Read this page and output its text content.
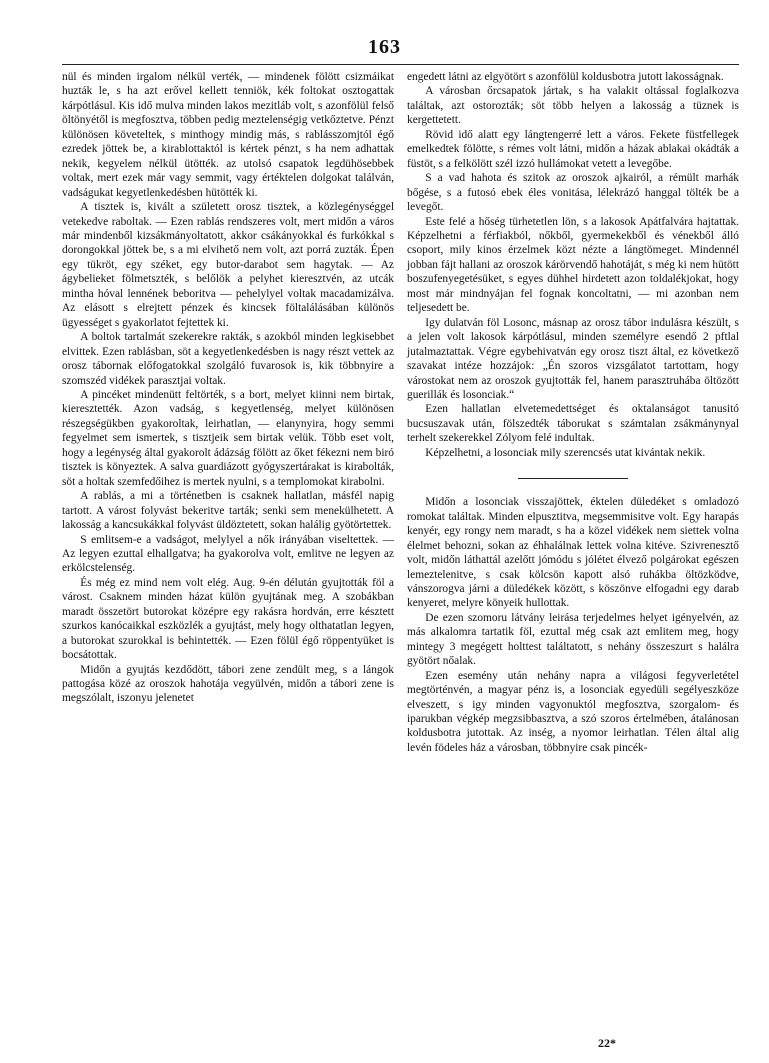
163

nül és minden irgalom nélkül verték, — mindenek fölött csizmáikat huzták le, s ha azt erővel kellett tenniök, kék foltokat osztogattak kárpótlásul. Kis idő mulva minden lakos mezitláb volt, s azonfölül felső öltönyétől is megfosztva, többen pedig meztelenségig vetkőztetve. Pénzt különösen követeltek, s minthogy mindig más, s rablásszomjtól égő ezredek jöttek be, a kirablottaktól is kértek pénzt, s ha nem adhattak nekik, kegyelem nélkül ütötték. az utolsó csapatok legdühösebbek voltak, mert ezek már vagy semmit, vagy értéktelen dolgokat találván, vadságukat kegyetlenkedésben hütötték ki.

A tisztek is, kivált a született orosz tisztek, a közlegénységgel vetekedve raboltak. — Ezen rablás rendszeres volt, mert midőn a város már mindenből kizsákmányoltatott, akkor csákányokkal és furkókkal s dorongokkal jöttek be, s a mi elvihető nem volt, azt porrá zuzták. Épen egy tükröt, egy széket, egy butor-darabot sem hagytak. — Az ágybelieket fölmetszték, s belőlök a pelyhet kieresztvén, az utcák mintha hóval lennének beboritva — pehelylyel voltak macadamizálva. Az elásott s elrejtett pénzek és kincsek föltalálásában különös ügyességet s gyakorlatot fejtettek ki.

A boltok tartalmát szekerekre rakták, s azokból minden legkisebbet elvittek. Ezen rablásban, söt a kegyetlenkedésben is nagy részt vettek az orosz tábornak előfogatokkal szolgáló fuvarosok is, kik többnyire a szomszéd vidékek parasztjai voltak.

A pincéket mindenütt feltörték, s a bort, melyet kiinni nem birtak, kieresztették. Azon vadság, s kegyetlenség, melyet különösen részegségükben gyakoroltak, leirhatlan, — elanynyira, hogy semmi fegyelmet sem ismertek, s tisztjeik sem birtak velük. Több eset volt, hogy a legénység által gyakorolt ádázság fölött az őket fékezni nem biró tisztek is könyeztek. A salva guardiázott gyógyszertárakat is kirabolták, söt a holtak szemfedőihez is mertek nyulni, s a templomokat kirabolni.

A rablás, a mi a történetben is csaknek hallatlan, másfél napig tartott. A várost folyvást bekeritve tarták; senki sem menekülhetett. A lakosság a kancsukákkal folyvást üldöztetett, sokan halálig gyötörtettek.

S emlitsem-e a vadságot, melylyel a nők irányában viseltettek. — Az legyen ezuttal elhallgatva; ha gyakorolva volt, emlitve ne legyen az erkölcstelenség.

És még ez mind nem volt elég. Aug. 9-én délután gyujtották föl a várost. Csaknem minden házat külön gyujtának meg. A szobákban maradt összetört butorokat középre egy rakásra hordván, erre késztett szurkos kanócaikkal eszközlék a gyujtást, mely hogy olthatatlan legyen, a butorokat szurokkal is behintették. — Ezen fölül égő röppentyüket is bocsátottak.

Midőn a gyujtás kezdődött, tábori zene zendült meg, s a lángok pattogása közé az oroszok hahotája vegyülvén, midőn a tábori zene is megszólalt, iszonyu jelenetet

engedett látni az elgyötört s azonfölül koldusbotra jutott lakosságnak.

A városban őrcsapatok jártak, s ha valakit oltással foglalkozva találtak, azt ostorozták; söt több helyen a lakosság a tüznek is kergettetett.

Rövid idő alatt egy lángtengerré lett a város. Fekete füstfellegek emelkedtek fölötte, s rémes volt látni, midőn a házak ablakai okádták a füstöt, s a felkölött szél izzó hullámokat vetett a levegőbe.

S a vad hahota és szitok az oroszok ajkairól, a rémült marhák bőgése, s a futosó ebek éles vonitása, lélekrázó hanggal tölték be a levegőt.

Este felé a hőség türhetetlen lön, s a lakosok Apátfalvára hajtattak. Képzelhetni a férfiakból, nőkből, gyermekekből és vénekből álló csoport, mily kinos érzelmek közt nézte a lángtömeget. Mindennél jobban fájt hallani az oroszok kárörvendő hahotáját, s még ki nem hütött boszufenyegetésüket, s egyes dühhel hirdetett azon toldalékjokat, hogy most már mindnyájan fel fognak koncoltatni, — mi azonban nem teljesedett be.

Igy dulatván föl Losonc, másnap az orosz tábor indulásra készült, s a jelen volt lakosok kárpótlásul, minden személyre esendő 2 pftlal jutalmaztattak. Végre egybehivatván egy orosz tiszt által, ez következő szavakat intéze hozzájok: „Én szoros vizsgálatot tartottam, hogy várostokat nem az oroszok gyujtották fel, hanem parasztruhába öltözött guerillák és losonciak.“

Ezen hallatlan elvetemedettséget és oktalanságot tanusitó bucsuszavak után, fölszedték táborukat s számtalan zsákmánynyal terhelt szekerekkel Zólyom felé indultak.

Képzelhetni, a losonciak mily szerencsés utat kivántak nekik.

Midőn a losonciak visszajöttek, éktelen düledéket s omladozó romokat találtak. Minden elpusztitva, megsemmisitve volt. Egy harapás kenyér, egy rongy nem maradt, s ha a közel vidékek nem siettek volna élelmet behozni, sokan az éhhalálnak lettek volna kitéve. Szivreпesztő volt, midőn láthattál azelőtt jómódu s jólétet élvező polgárokat egészen lemeztelenitve, s csak kölcsön kapott alsó ruhákba öltözködve, vánszorogva járni a düledékek között, s köszönve elfogadni egy darab kenyeret, melyre könyeik hullottak.

De ezen szomoru látvány leirása terjedelmes helyet igényelvén, az más alkalomra tartatik föl, ezuttal még csak azt emlitem meg, hogy mintegy 3 megégett holttest találtatott, s nehány összeszurt s halálra gyötört nőalak.

Ezen esemény után nehány napra a világosi fegyverletétel megtörténvén, a magyar pénz is, a losonciak egyedüli segélyeszköze elveszett, s igy minden vagyonuktól megfosztva, szorgalom- és iparukban végkép megzsibbasztva, a szó szoros értelmében, átalánosan koldusbotra jutottak. Az inség, a nyomor leirhatlan. Télen által alig levén födeles ház a városban, többnyire csak pincék-

22*
